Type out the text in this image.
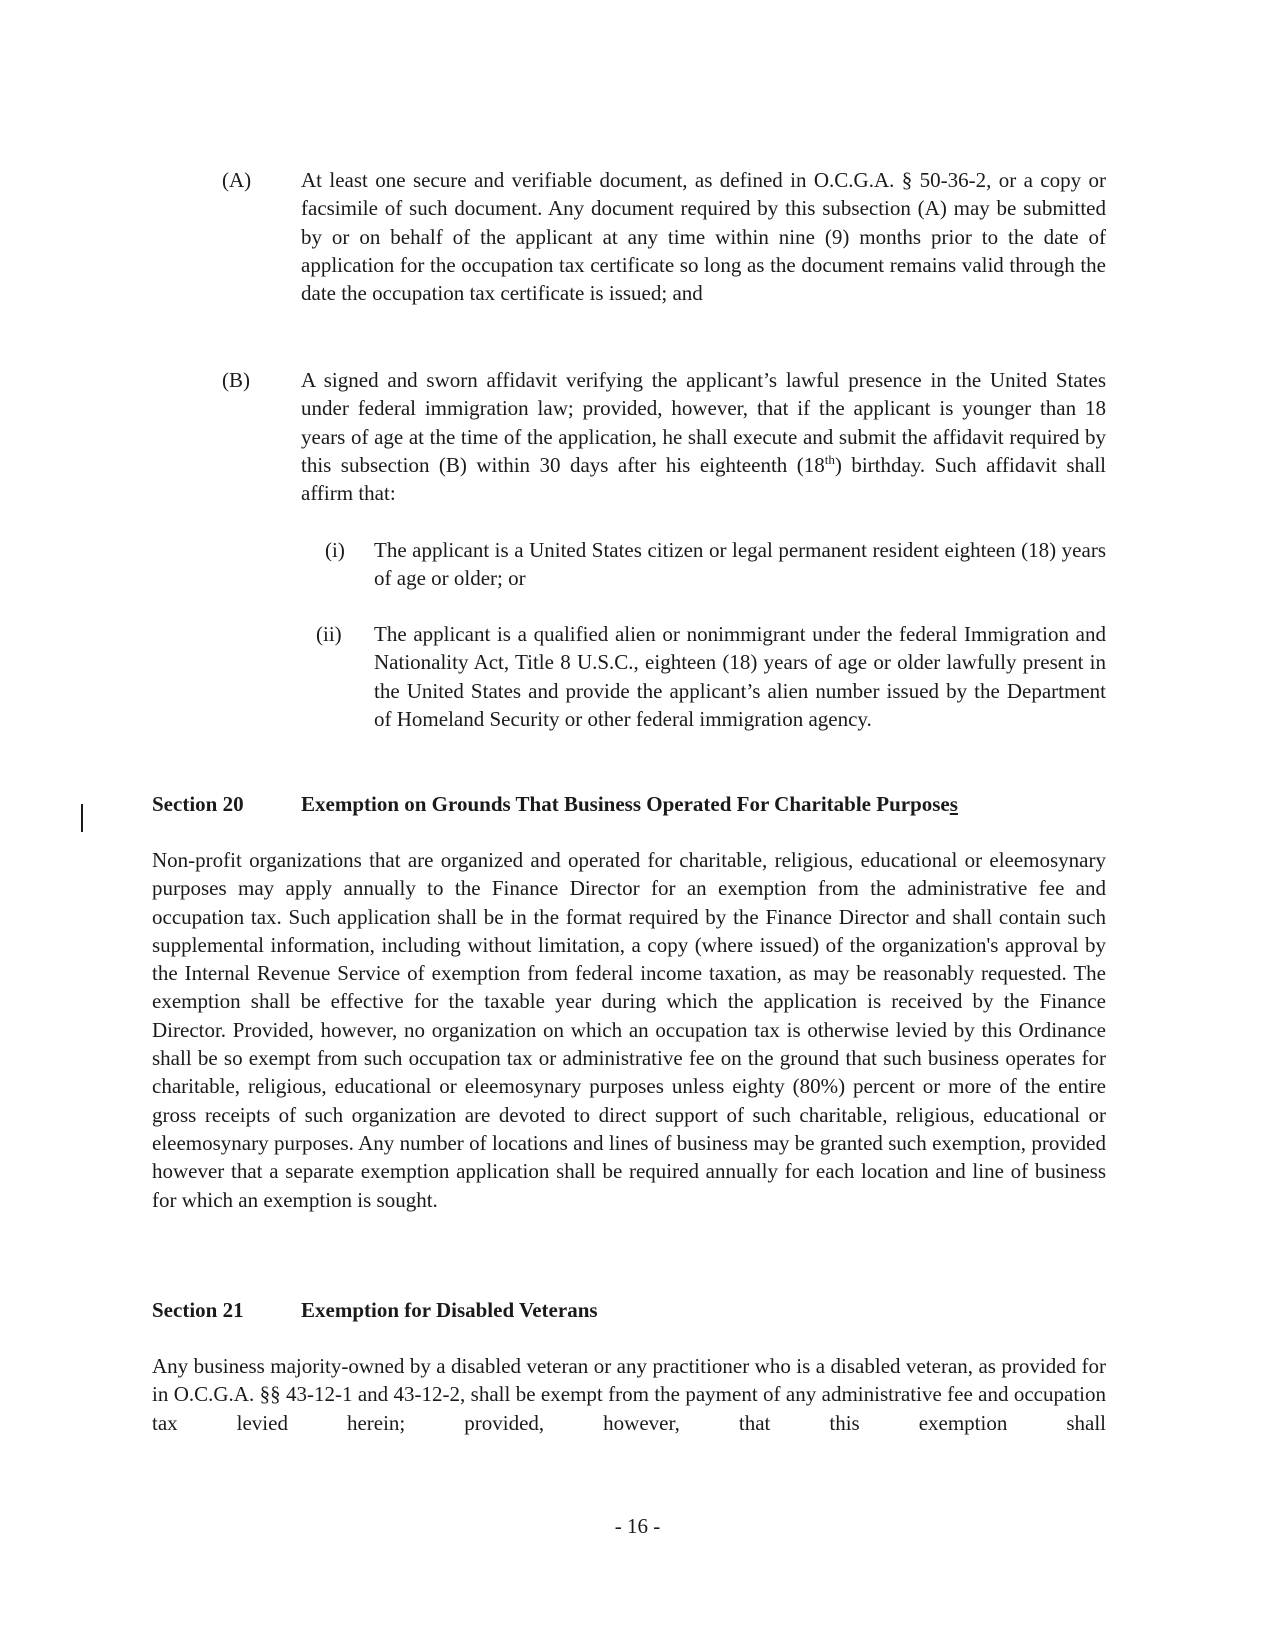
(A) At least one secure and verifiable document, as defined in O.C.G.A. § 50-36-2, or a copy or facsimile of such document. Any document required by this subsection (A) may be submitted by or on behalf of the applicant at any time within nine (9) months prior to the date of application for the occupation tax certificate so long as the document remains valid through the date the occupation tax certificate is issued; and
(B) A signed and sworn affidavit verifying the applicant’s lawful presence in the United States under federal immigration law; provided, however, that if the applicant is younger than 18 years of age at the time of the application, he shall execute and submit the affidavit required by this subsection (B) within 30 days after his eighteenth (18th) birthday. Such affidavit shall affirm that:
(i) The applicant is a United States citizen or legal permanent resident eighteen (18) years of age or older; or
(ii) The applicant is a qualified alien or nonimmigrant under the federal Immigration and Nationality Act, Title 8 U.S.C., eighteen (18) years of age or older lawfully present in the United States and provide the applicant’s alien number issued by the Department of Homeland Security or other federal immigration agency.
Section 20	Exemption on Grounds That Business Operated For Charitable Purposes
Non-profit organizations that are organized and operated for charitable, religious, educational or eleemosynary purposes may apply annually to the Finance Director for an exemption from the administrative fee and occupation tax. Such application shall be in the format required by the Finance Director and shall contain such supplemental information, including without limitation, a copy (where issued) of the organization's approval by the Internal Revenue Service of exemption from federal income taxation, as may be reasonably requested. The exemption shall be effective for the taxable year during which the application is received by the Finance Director. Provided, however, no organization on which an occupation tax is otherwise levied by this Ordinance shall be so exempt from such occupation tax or administrative fee on the ground that such business operates for charitable, religious, educational or eleemosynary purposes unless eighty (80%) percent or more of the entire gross receipts of such organization are devoted to direct support of such charitable, religious, educational or eleemosynary purposes. Any number of locations and lines of business may be granted such exemption, provided however that a separate exemption application shall be required annually for each location and line of business for which an exemption is sought.
Section 21	Exemption for Disabled Veterans
Any business majority-owned by a disabled veteran or any practitioner who is a disabled veteran, as provided for in O.C.G.A. §§ 43-12-1 and 43-12-2, shall be exempt from the payment of any administrative fee and occupation tax levied herein; provided, however, that this exemption shall
- 16 -
